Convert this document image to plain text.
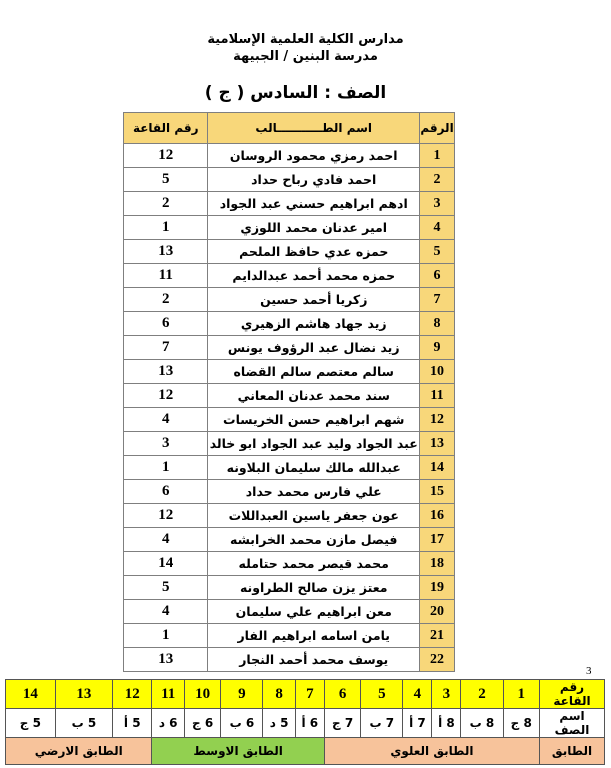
مدارس الكلية العلمية الإسلامية
مدرسة البنين / الجبيهة
الصف : السادس ( ج )
الرقم	اسم الطـــــــــــالب	رقم القاعة
1	احمد رمزي محمود الروسان	12
2	احمد فادي رباح حداد	5
3	ادهم ابراهيم حسني عبد الجواد	2
4	امير عدنان محمد اللوزي	1
5	حمزه عدي حافظ الملحم	13
6	حمزه محمد أحمد عبدالدايم	11
7	زكريا أحمد حسين	2
8	زيد جهاد هاشم الزهيري	6
9	زيد نضال عبد الرؤوف يونس	7
10	سالم معتصم سالم القضاه	13
11	سند محمد عدنان المعاني	12
12	شهم ابراهيم حسن الخريسات	4
13	عبد الجواد وليد عبد الجواد ابو خالد	3
14	عبدالله مالك سليمان البلاونه	1
15	علي فارس محمد حداد	6
16	عون جعفر ياسين العبداللات	12
17	فيصل مازن محمد الخرابشه	4
18	محمد قيصر محمد حتامله	14
19	معتز يزن صالح الطراونه	5
20	معن ابراهيم علي سليمان	4
21	يامن اسامه ابراهيم الفار	1
22	يوسف محمد أحمد النجار	13
3
رقم القاعة	1	2	3	4	5	6	7	8	9	10	11	12	13	14
اسم الصف	8 ج	8 ب	8 أ	7 أ	7 ب	7 ج	6 أ	5 د	6 ب	6 ج	6 د	5 أ	5 ب	5 ج
الطابق	الطابق العلوي						الطابق الاوسط					الطابق الارضي		
